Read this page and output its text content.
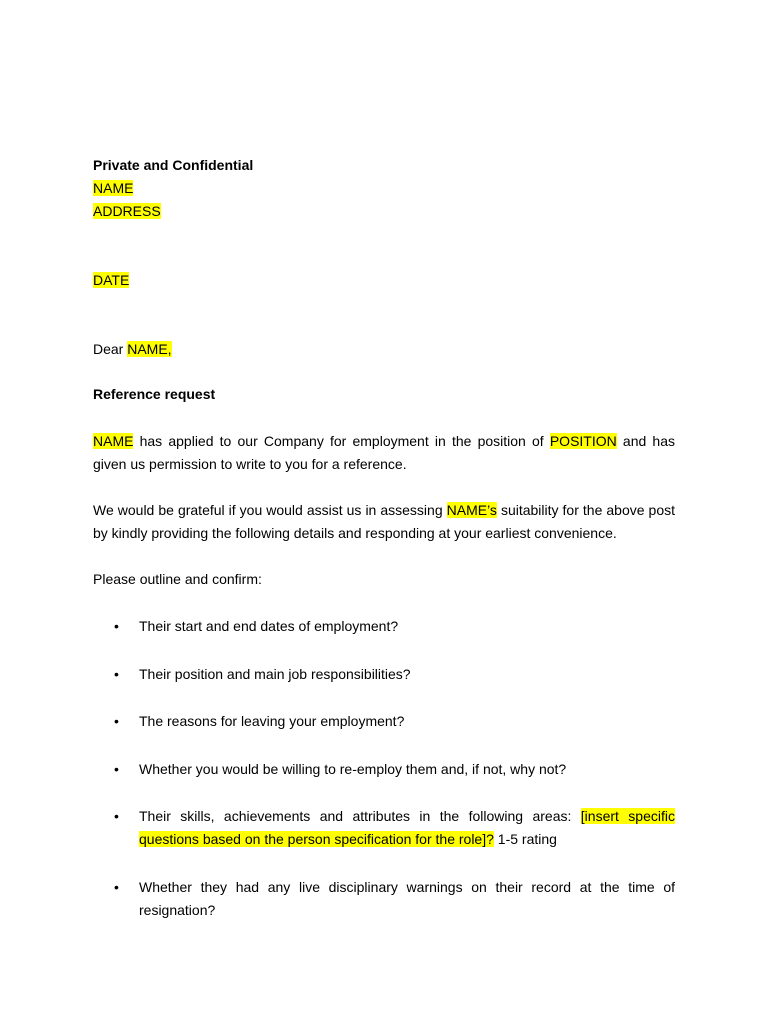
Private and Confidential
NAME
ADDRESS
DATE
Dear NAME,
Reference request

NAME has applied to our Company for employment in the position of POSITION and has given us permission to write to you for a reference.

We would be grateful if you would assist us in assessing NAME’s suitability for the above post by kindly providing the following details and responding at your earliest convenience.

Please outline and confirm:
•	Their start and end dates of employment?
•	Their position and main job responsibilities?
•	The reasons for leaving your employment?
•	Whether you would be willing to re-employ them and, if not, why not?
•	Their skills, achievements and attributes in the following areas: [insert specific questions based on the person specification for the role]? 1-5 rating
•	Whether they had any live disciplinary warnings on their record at the time of resignation?
